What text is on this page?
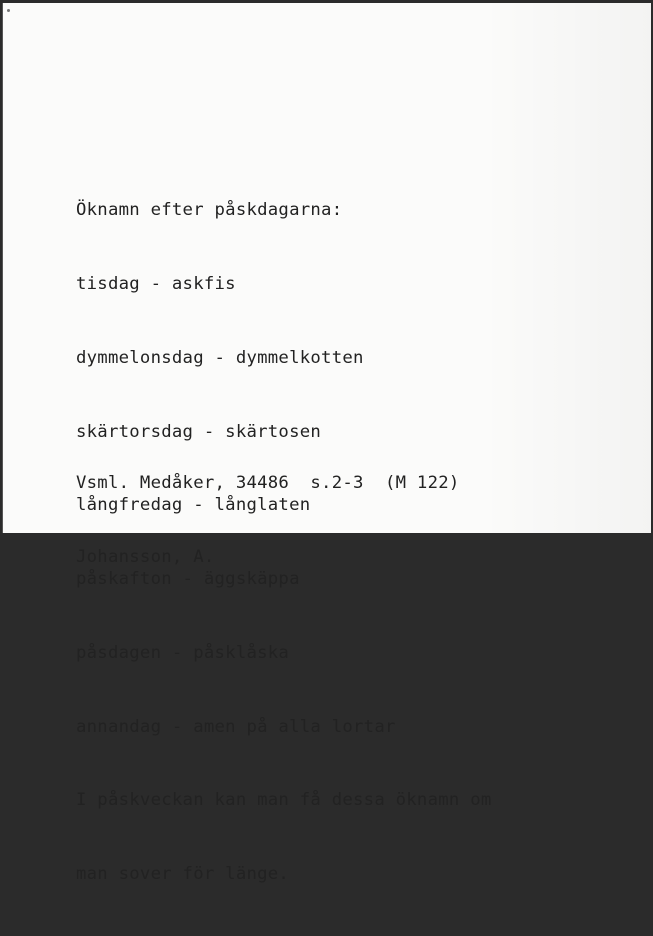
Öknamn efter påskdagarna:

tisdag - askfis

dymmelonsdag - dymmelkotten

skärtorsdag - skärtosen

långfredag - långlaten

påskafton - äggskäppa

påsdagen - påsklåska

annandag - amen på alla lortar

I påskveckan kan man få dessa öknamn om

man sover för länge.

Vsml. Medåker, 34486  s.2-3  (M 122)

Johansson, A.
